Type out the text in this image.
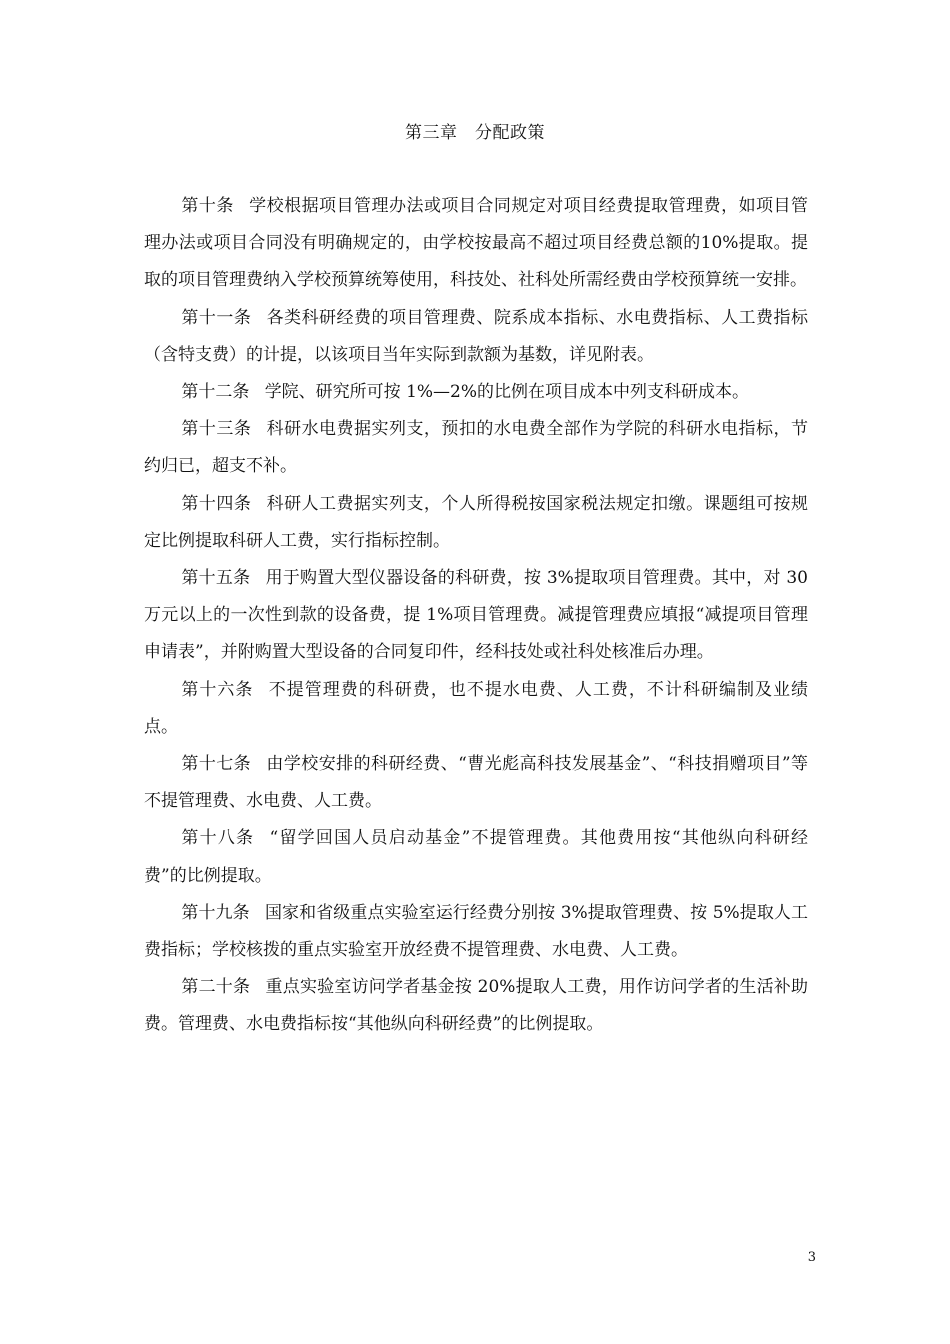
第三章　分配政策

第十条 学校根据项目管理办法或项目合同规定对项目经费提取管理费，如项目管理办法或项目合同没有明确规定的，由学校按最高不超过项目经费总额的10%提取。提取的项目管理费纳入学校预算统筹使用，科技处、社科处所需经费由学校预算统一安排。

第十一条 各类科研经费的项目管理费、院系成本指标、水电费指标、人工费指标（含特支费）的计提，以该项目当年实际到款额为基数，详见附表。

第十二条 学院、研究所可按 1%—2%的比例在项目成本中列支科研成本。

第十三条 科研水电费据实列支，预扣的水电费全部作为学院的科研水电指标，节约归已，超支不补。

第十四条 科研人工费据实列支，个人所得税按国家税法规定扣缴。课题组可按规定比例提取科研人工费，实行指标控制。

第十五条 用于购置大型仪器设备的科研费，按 3%提取项目管理费。其中，对 30 万元以上的一次性到款的设备费，提 1%项目管理费。减提管理费应填报“减提项目管理申请表”，并附购置大型设备的合同复印件，经科技处或社科处核准后办理。

第十六条 不提管理费的科研费，也不提水电费、人工费，不计科研编制及业绩点。

第十七条 由学校安排的科研经费、“曹光彪高科技发展基金”、“科技捐赠项目”等不提管理费、水电费、人工费。

第十八条 “留学回国人员启动基金”不提管理费。其他费用按“其他纵向科研经费”的比例提取。

第十九条 国家和省级重点实验室运行经费分别按 3%提取管理费、按 5%提取人工费指标；学校核拨的重点实验室开放经费不提管理费、水电费、人工费。

第二十条 重点实验室访问学者基金按 20%提取人工费，用作访问学者的生活补助费。管理费、水电费指标按“其他纵向科研经费”的比例提取。

3
